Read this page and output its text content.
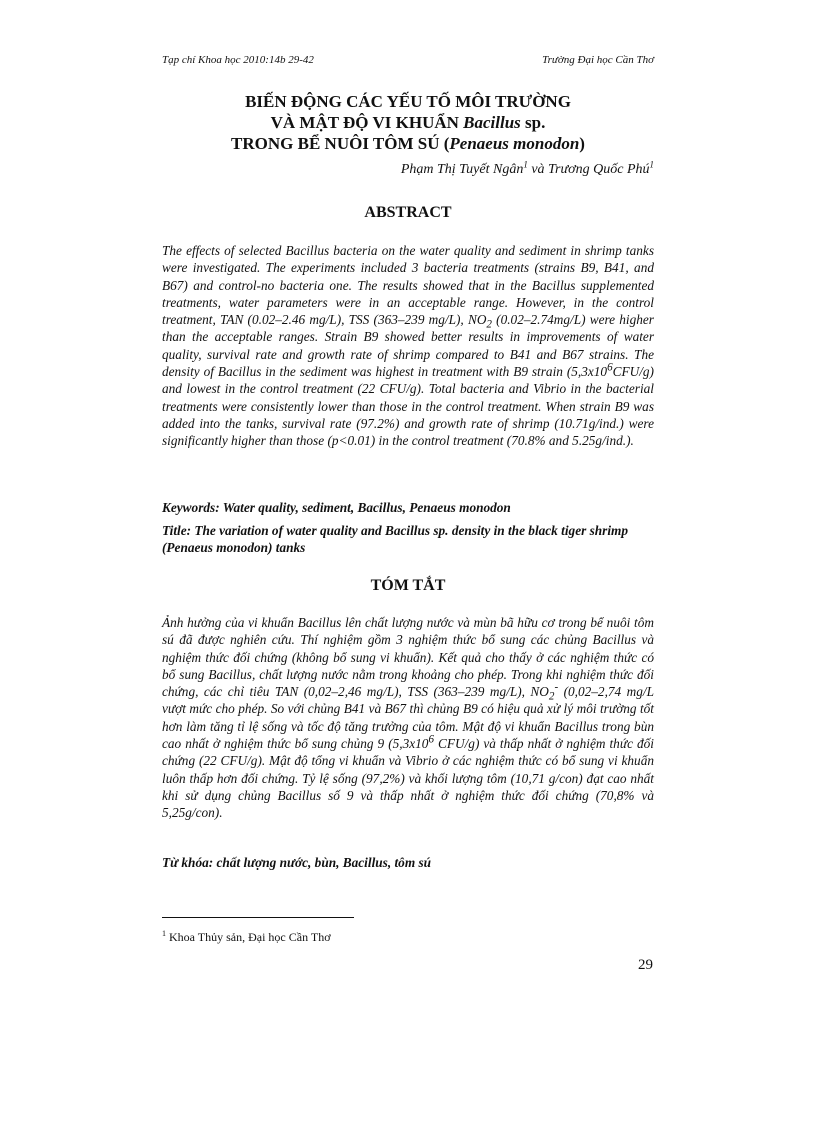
Tạp chí Khoa học 2010:14b 29-42	Trường Đại học Cần Thơ
BIẾN ĐỘNG CÁC YẾU TỐ MÔI TRƯỜNG
VÀ MẬT ĐỘ VI KHUẨN Bacillus sp.
TRONG BỂ NUÔI TÔM SÚ (Penaeus monodon)
Phạm Thị Tuyết Ngân$^1$ và Trương Quốc Phú$^1$
ABSTRACT

The effects of selected Bacillus bacteria on the water quality and sediment in shrimp tanks were investigated. The experiments included 3 bacteria treatments (strains B9, B41, and B67) and control-no bacteria one. The results showed that in the Bacillus supplemented treatments, water parameters were in an acceptable range. However, in the control treatment, TAN (0.02–2.46 mg/L), TSS (363–239 mg/L), $NO_2$ (0.02–2.74mg/L) were higher than the acceptable ranges. Strain B9 showed better results in improvements of water quality, survival rate and growth rate of shrimp compared to B41 and B67 strains. The density of Bacillus in the sediment was highest in treatment with B9 strain $(5,3x10^6CFU/g)$ and lowest in the control treatment (22 CFU/g). Total bacteria and Vibrio in the bacterial treatments were consistently lower than those in the control treatment. When strain B9 was added into the tanks, survival rate (97.2%) and growth rate of shrimp (10.71g/ind.) were significantly higher than those (p<0.01) in the control treatment (70.8% and 5.25g/ind.).

Keywords: Water quality, sediment, Bacillus, Penaeus monodon
Title: The variation of water quality and Bacillus sp. density in the black tiger shrimp (Penaeus monodon) tanks
TÓM TẮT

Ảnh hưởng của vi khuẩn Bacillus lên chất lượng nước và mùn bã hữu cơ trong bể nuôi tôm sú đã được nghiên cứu. Thí nghiệm gồm 3 nghiệm thức bổ sung các chủng Bacillus và nghiệm thức đối chứng (không bổ sung vi khuẩn). Kết quả cho thấy ở các nghiệm thức có bổ sung Bacillus, chất lượng nước nằm trong khoảng cho phép. Trong khi nghiệm thức đối chứng, các chỉ tiêu TAN (0,02–2,46 mg/L), TSS (363–239 mg/L), $NO_2^-$ (0,02–2,74 mg/L vượt mức cho phép. So với chủng B41 và B67 thì chủng B9 có hiệu quả xử lý môi trường tốt hơn làm tăng tỉ lệ sống và tốc độ tăng trưởng của tôm. Mật độ vi khuẩn Bacillus trong bùn cao nhất ở nghiệm thức bổ sung chủng 9 ($5,3x10^6$ CFU/g) và thấp nhất ở nghiệm thức đối chứng (22 CFU/g). Mật độ tổng vi khuẩn và Vibrio ở các nghiệm thức có bổ sung vi khuẩn luôn thấp hơn đối chứng. Tỷ lệ sống (97,2%) và khối lượng tôm (10,71 g/con) đạt cao nhất khi sử dụng chủng Bacillus số 9 và thấp nhất ở nghiệm thức đối chứng (70,8% và 5,25g/con).

Từ khóa: chất lượng nước, bùn, Bacillus, tôm sú
$^1$ Khoa Thủy sản, Đại học Cần Thơ
29
